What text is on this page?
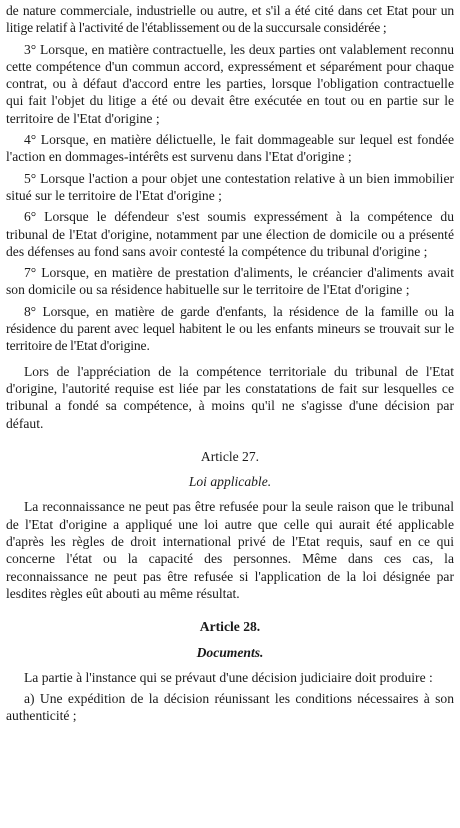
de nature commerciale, industrielle ou autre, et s'il a été cité dans cet Etat pour un litige relatif à l'activité de l'établissement ou de la succursale considérée ;

3° Lorsque, en matière contractuelle, les deux parties ont valablement reconnu cette compétence d'un commun accord, expressément et séparément pour chaque contrat, ou à défaut d'accord entre les parties, lorsque l'obligation contractuelle qui fait l'objet du litige a été ou devait être exécutée en tout ou en partie sur le territoire de l'Etat d'origine ;

4° Lorsque, en matière délictuelle, le fait dommageable sur lequel est fondée l'action en dommages-intérêts est survenu dans l'Etat d'origine ;

5° Lorsque l'action a pour objet une contestation relative à un bien immobilier situé sur le territoire de l'Etat d'origine ;

6° Lorsque le défendeur s'est soumis expressément à la compétence du tribunal de l'Etat d'origine, notamment par une élection de domicile ou a présenté des défenses au fond sans avoir contesté la compétence du tribunal d'origine ;

7° Lorsque, en matière de prestation d'aliments, le créancier d'aliments avait son domicile ou sa résidence habituelle sur le territoire de l'Etat d'origine ;

8° Lorsque, en matière de garde d'enfants, la résidence de la famille ou la résidence du parent avec lequel habitent le ou les enfants mineurs se trouvait sur le territoire de l'Etat d'origine.

Lors de l'appréciation de la compétence territoriale du tribunal de l'Etat d'origine, l'autorité requise est liée par les constatations de fait sur lesquelles ce tribunal a fondé sa compétence, à moins qu'il ne s'agisse d'une décision par défaut.

Article 27.

Loi applicable.

La reconnaissance ne peut pas être refusée pour la seule raison que le tribunal de l'Etat d'origine a appliqué une loi autre que celle qui aurait été applicable d'après les règles de droit international privé de l'Etat requis, sauf en ce qui concerne l'état ou la capacité des personnes. Même dans ces cas, la reconnaissance ne peut pas être refusée si l'application de la loi désignée par lesdites règles eût abouti au même résultat.

Article 28.

Documents.

La partie à l'instance qui se prévaut d'une décision judiciaire doit produire :

a) Une expédition de la décision réunissant les conditions nécessaires à son authenticité ;
